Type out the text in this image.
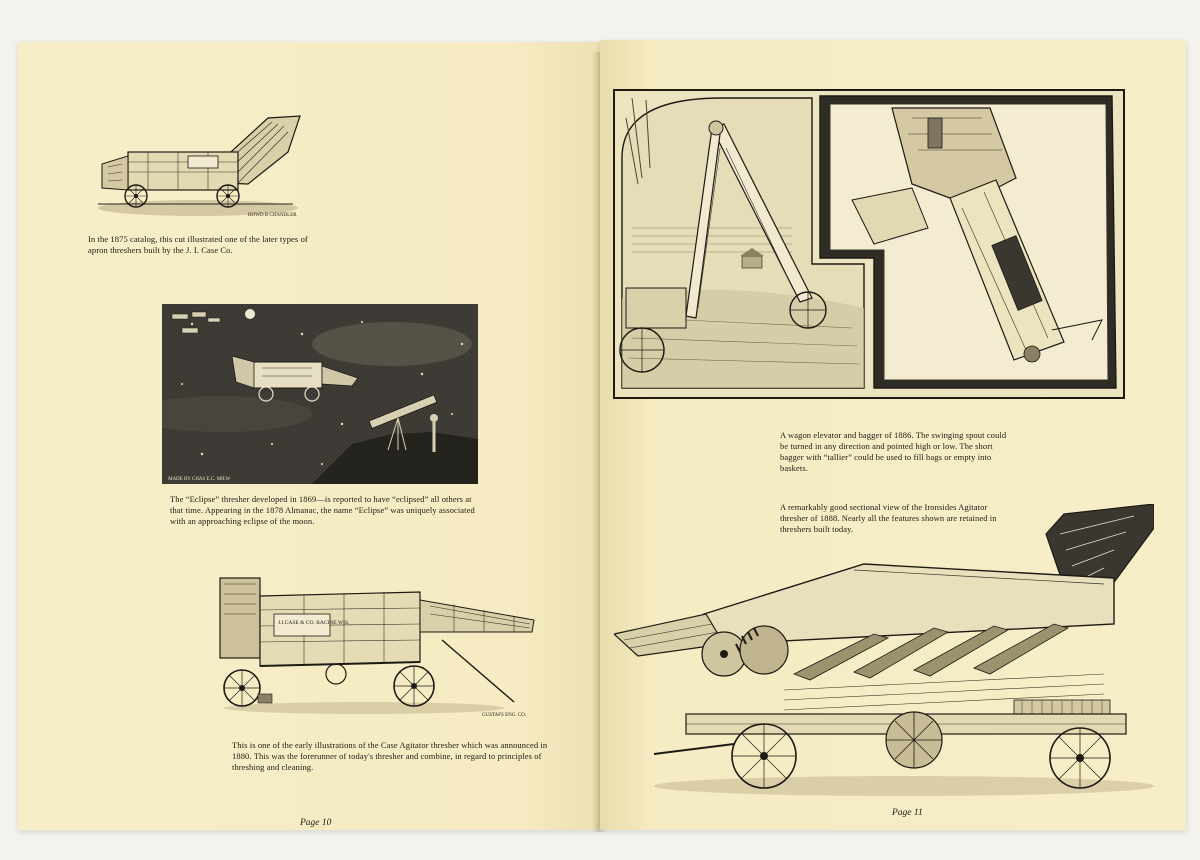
HOWD B CHANDLER
In the 1875 catalog, this cut illustrated one of the later types of apron threshers built by the J. I. Case Co.
MADE BY CHAS E.C. MILW
The “Eclipse” thresher developed in 1869—is reported to have “eclipsed” all others at that time. Appearing in the 1878 Almanac, the name “Eclipse” was uniquely associated with an approaching eclipse of the moon.
J.I.CASE & CO. RACINE WIS.
GUSTAFS ENG. CO.
This is one of the early illustrations of the Case Agitator thresher which was announced in 1880. This was the forerunner of today's thresher and combine, in regard to principles of threshing and cleaning.
Page 10
A wagon elevator and bagger of 1886. The swinging spout could be turned in any direction and pointed high or low. The short bagger with “tallier” could be used to fill bags or empty into baskets.
A remarkably good sectional view of the Ironsides Agitator thresher of 1888. Nearly all the features shown are retained in threshers built today.
Page 11
